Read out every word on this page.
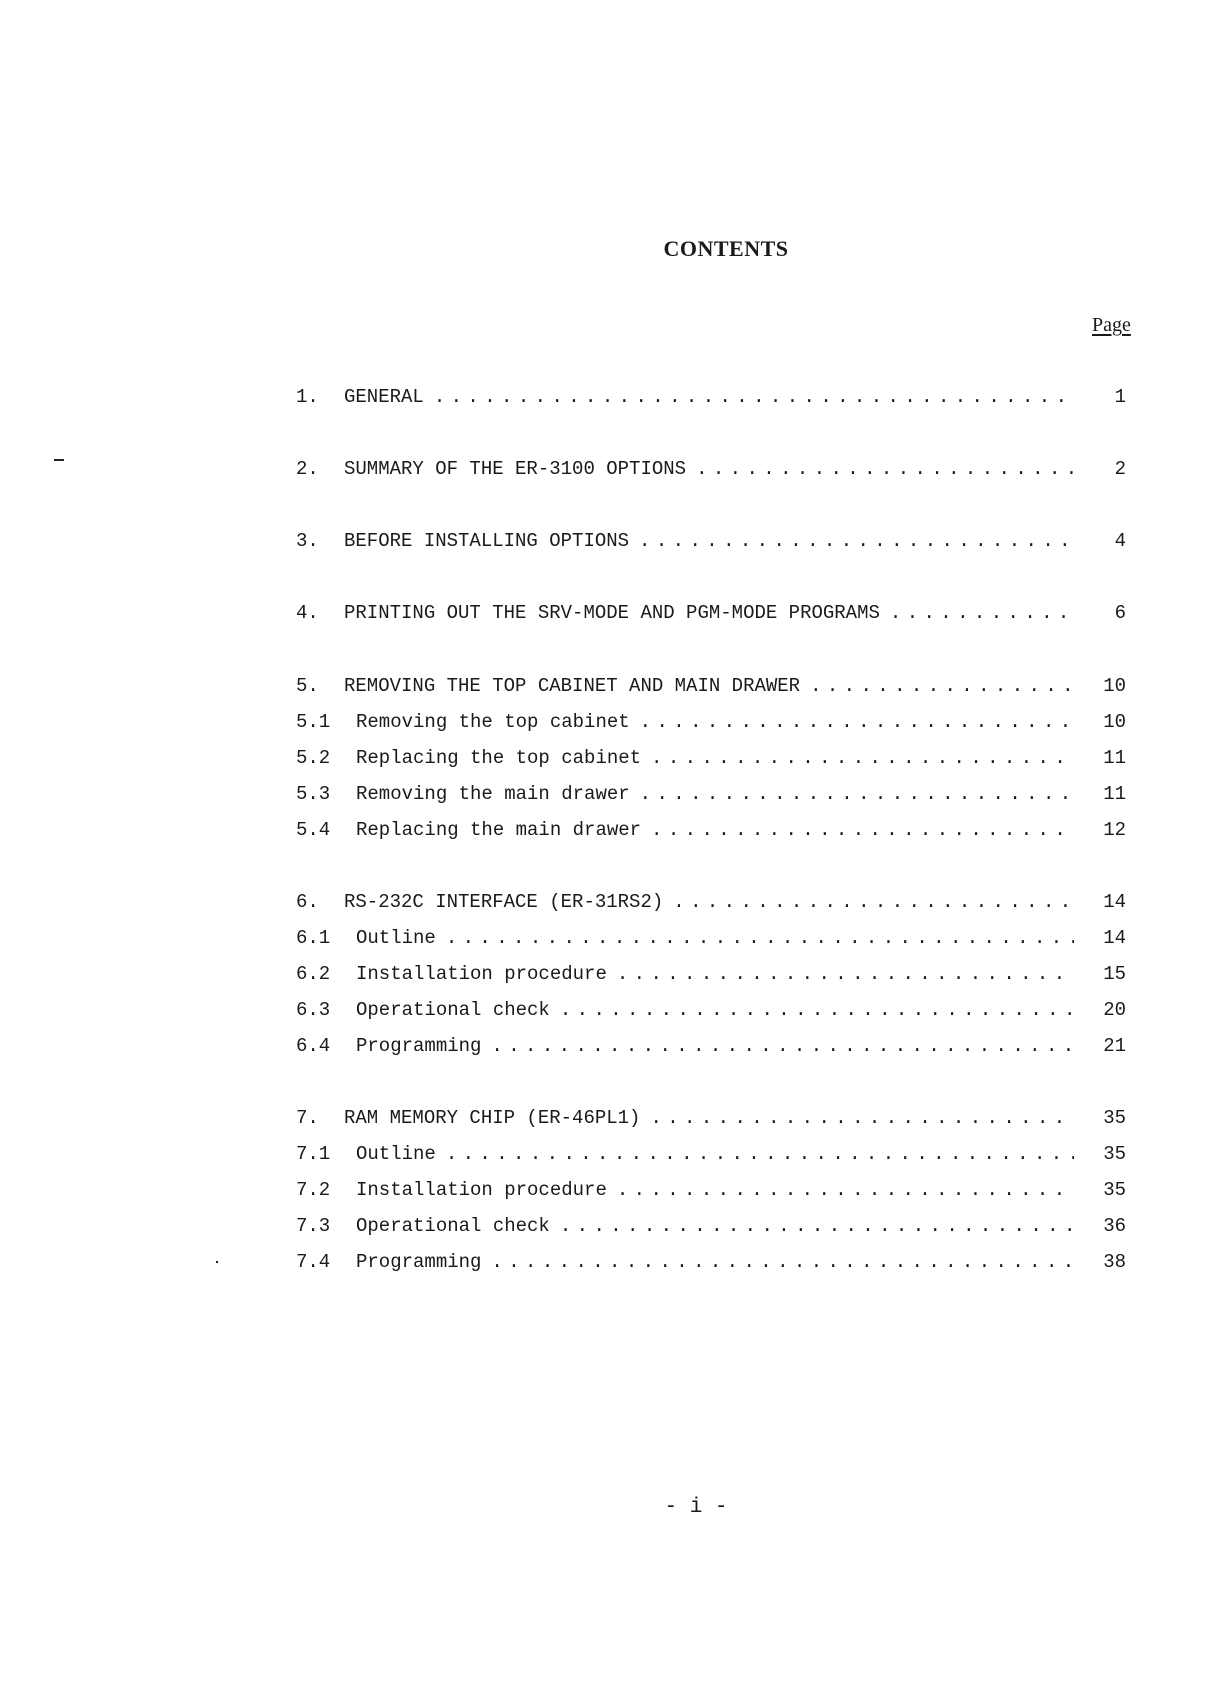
CONTENTS
Page
1.	GENERAL . . .	1
2.	SUMMARY OF THE ER-3100 OPTIONS . . .	2
3.	BEFORE INSTALLING OPTIONS . . .	4
4.	PRINTING OUT THE SRV-MODE AND PGM-MODE PROGRAMS . . .	6
5.	REMOVING THE TOP CABINET AND MAIN DRAWER . . .	10
5.1	Removing the top cabinet . . .	10
5.2	Replacing the top cabinet . . .	11
5.3	Removing the main drawer . . .	11
5.4	Replacing the main drawer . . .	12
6.	RS-232C INTERFACE (ER-31RS2) . . .	14
6.1	Outline . . .	14
6.2	Installation procedure . . .	15
6.3	Operational check . . .	20
6.4	Programming . . .	21
7.	RAM MEMORY CHIP (ER-46PL1) . . .	35
7.1	Outline . . .	35
7.2	Installation procedure . . .	35
7.3	Operational check . . .	36
7.4	Programming . . .	38
- i -
